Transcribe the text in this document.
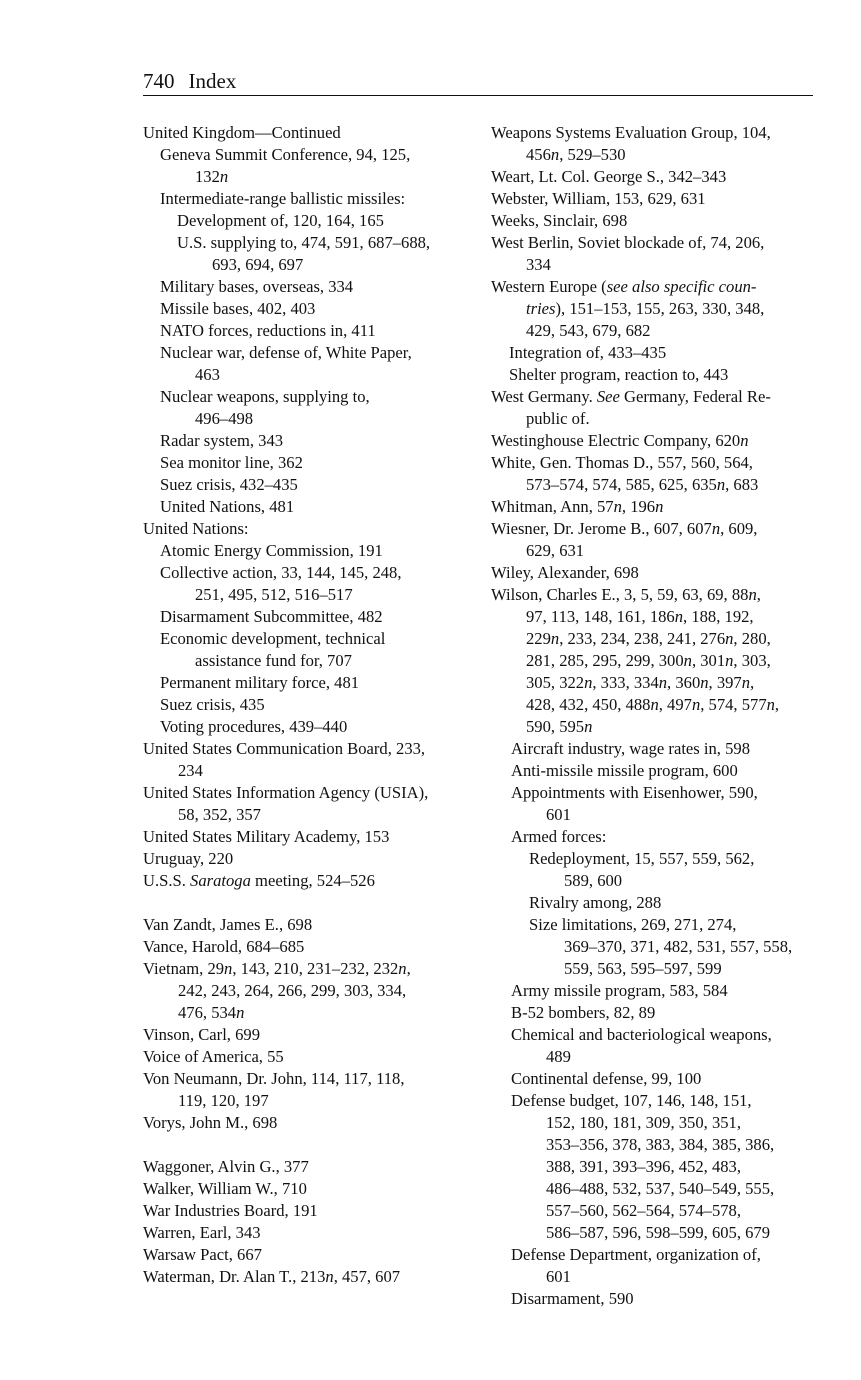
740 Index
United Kingdom—Continued
Geneva Summit Conference, 94, 125,
132n
Intermediate-range ballistic missiles:
Development of, 120, 164, 165
U.S. supplying to, 474, 591, 687–688,
693, 694, 697
Military bases, overseas, 334
Missile bases, 402, 403
NATO forces, reductions in, 411
Nuclear war, defense of, White Paper,
463
Nuclear weapons, supplying to,
496–498
Radar system, 343
Sea monitor line, 362
Suez crisis, 432–435
United Nations, 481
United Nations:
Atomic Energy Commission, 191
Collective action, 33, 144, 145, 248,
251, 495, 512, 516–517
Disarmament Subcommittee, 482
Economic development, technical
assistance fund for, 707
Permanent military force, 481
Suez crisis, 435
Voting procedures, 439–440
United States Communication Board, 233,
234
United States Information Agency (USIA),
58, 352, 357
United States Military Academy, 153
Uruguay, 220
U.S.S. Saratoga meeting, 524–526
Van Zandt, James E., 698
Vance, Harold, 684–685
Vietnam, 29n, 143, 210, 231–232, 232n,
242, 243, 264, 266, 299, 303, 334,
476, 534n
Vinson, Carl, 699
Voice of America, 55
Von Neumann, Dr. John, 114, 117, 118,
119, 120, 197
Vorys, John M., 698
Waggoner, Alvin G., 377
Walker, William W., 710
War Industries Board, 191
Warren, Earl, 343
Warsaw Pact, 667
Waterman, Dr. Alan T., 213n, 457, 607
Weapons Systems Evaluation Group, 104,
456n, 529–530
Weart, Lt. Col. George S., 342–343
Webster, William, 153, 629, 631
Weeks, Sinclair, 698
West Berlin, Soviet blockade of, 74, 206,
334
Western Europe (see also specific coun-
tries), 151–153, 155, 263, 330, 348,
429, 543, 679, 682
Integration of, 433–435
Shelter program, reaction to, 443
West Germany. See Germany, Federal Re-
public of.
Westinghouse Electric Company, 620n
White, Gen. Thomas D., 557, 560, 564,
573–574, 574, 585, 625, 635n, 683
Whitman, Ann, 57n, 196n
Wiesner, Dr. Jerome B., 607, 607n, 609,
629, 631
Wiley, Alexander, 698
Wilson, Charles E., 3, 5, 59, 63, 69, 88n,
97, 113, 148, 161, 186n, 188, 192,
229n, 233, 234, 238, 241, 276n, 280,
281, 285, 295, 299, 300n, 301n, 303,
305, 322n, 333, 334n, 360n, 397n,
428, 432, 450, 488n, 497n, 574, 577n,
590, 595n
Aircraft industry, wage rates in, 598
Anti-missile missile program, 600
Appointments with Eisenhower, 590,
601
Armed forces:
Redeployment, 15, 557, 559, 562,
589, 600
Rivalry among, 288
Size limitations, 269, 271, 274,
369–370, 371, 482, 531, 557, 558,
559, 563, 595–597, 599
Army missile program, 583, 584
B-52 bombers, 82, 89
Chemical and bacteriological weapons,
489
Continental defense, 99, 100
Defense budget, 107, 146, 148, 151,
152, 180, 181, 309, 350, 351,
353–356, 378, 383, 384, 385, 386,
388, 391, 393–396, 452, 483,
486–488, 532, 537, 540–549, 555,
557–560, 562–564, 574–578,
586–587, 596, 598–599, 605, 679
Defense Department, organization of,
601
Disarmament, 590
